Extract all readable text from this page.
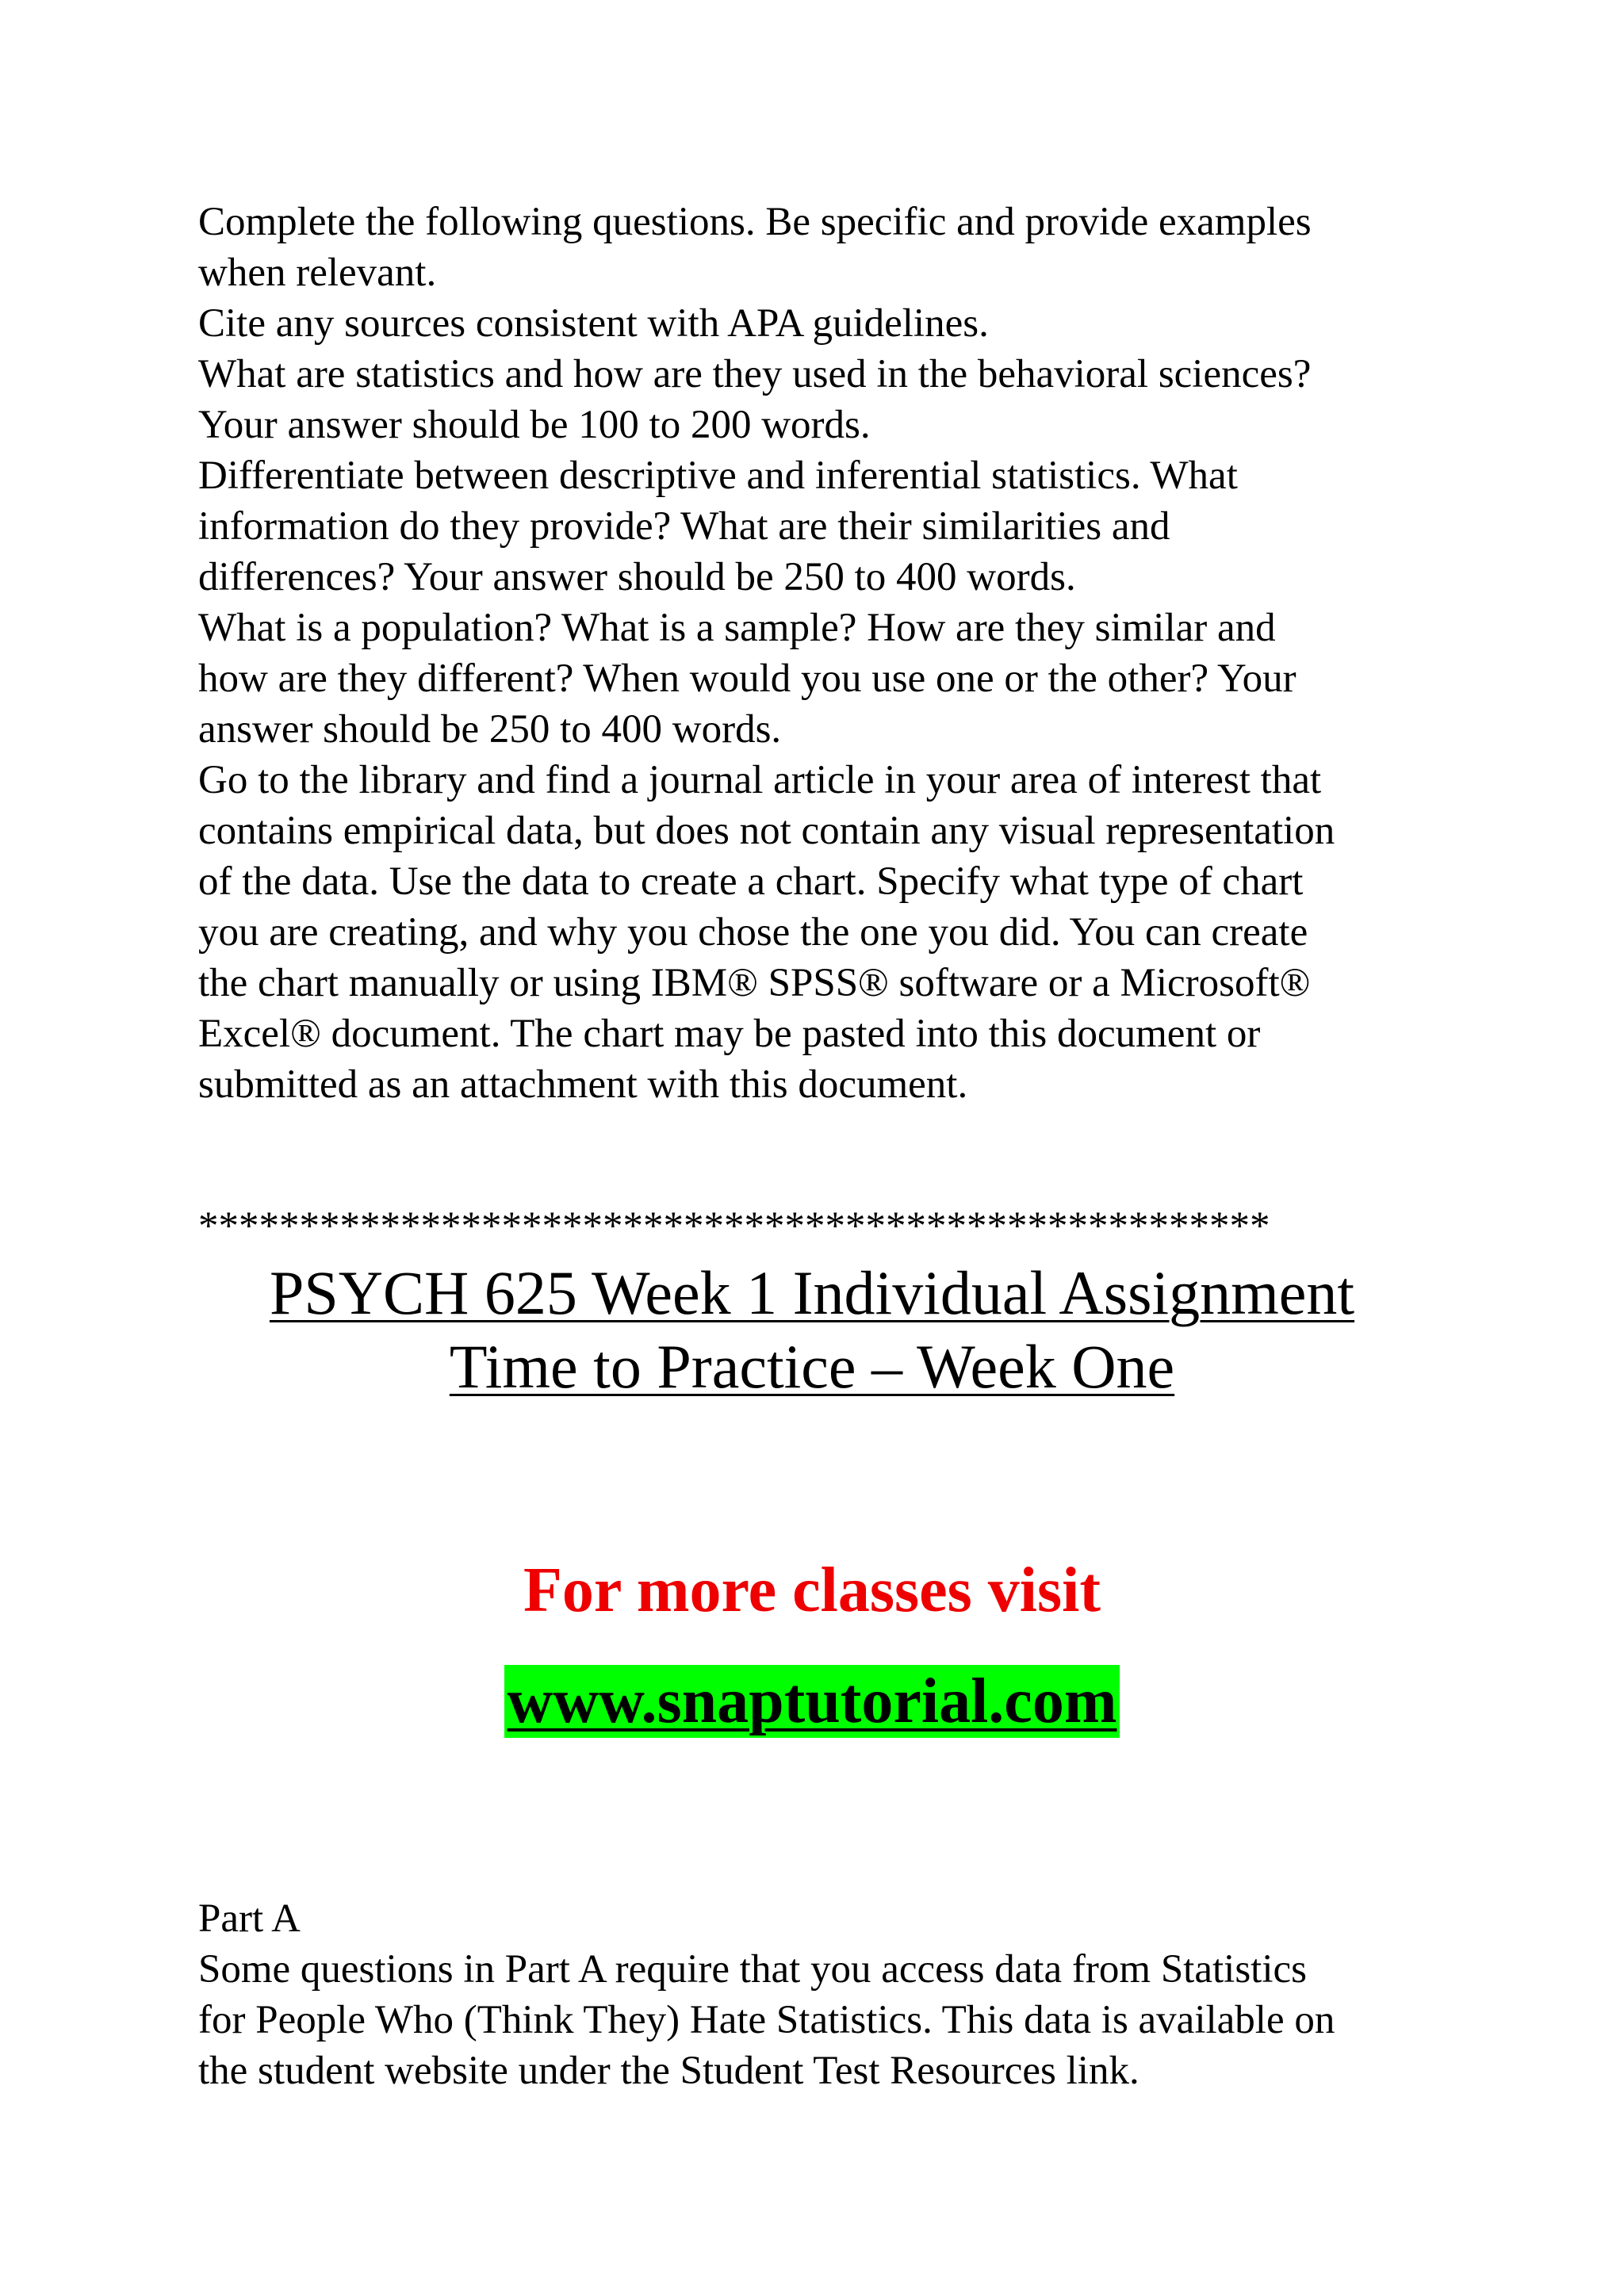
Complete the following questions. Be specific and provide examples
when relevant.
Cite any sources consistent with APA guidelines.
What are statistics and how are they used in the behavioral sciences?
Your answer should be 100 to 200 words.
Differentiate between descriptive and inferential statistics. What
information do they provide? What are their similarities and
differences? Your answer should be 250 to 400 words.
What is a population? What is a sample? How are they similar and
how are they different? When would you use one or the other? Your
answer should be 250 to 400 words.
Go to the library and find a journal article in your area of interest that
contains empirical data, but does not contain any visual representation
of the data. Use the data to create a chart. Specify what type of chart
you are creating, and why you chose the one you did. You can create
the chart manually or using IBM® SPSS® software or a Microsoft®
Excel® document. The chart may be pasted into this document or
submitted as an attachment with this document.
*****************************************************
PSYCH 625 Week 1 Individual Assignment
Time to Practice – Week One
For more classes visit
www.snaptutorial.com
Part A
Some questions in Part A require that you access data from Statistics
for People Who (Think They) Hate Statistics. This data is available on
the student website under the Student Test Resources link.
